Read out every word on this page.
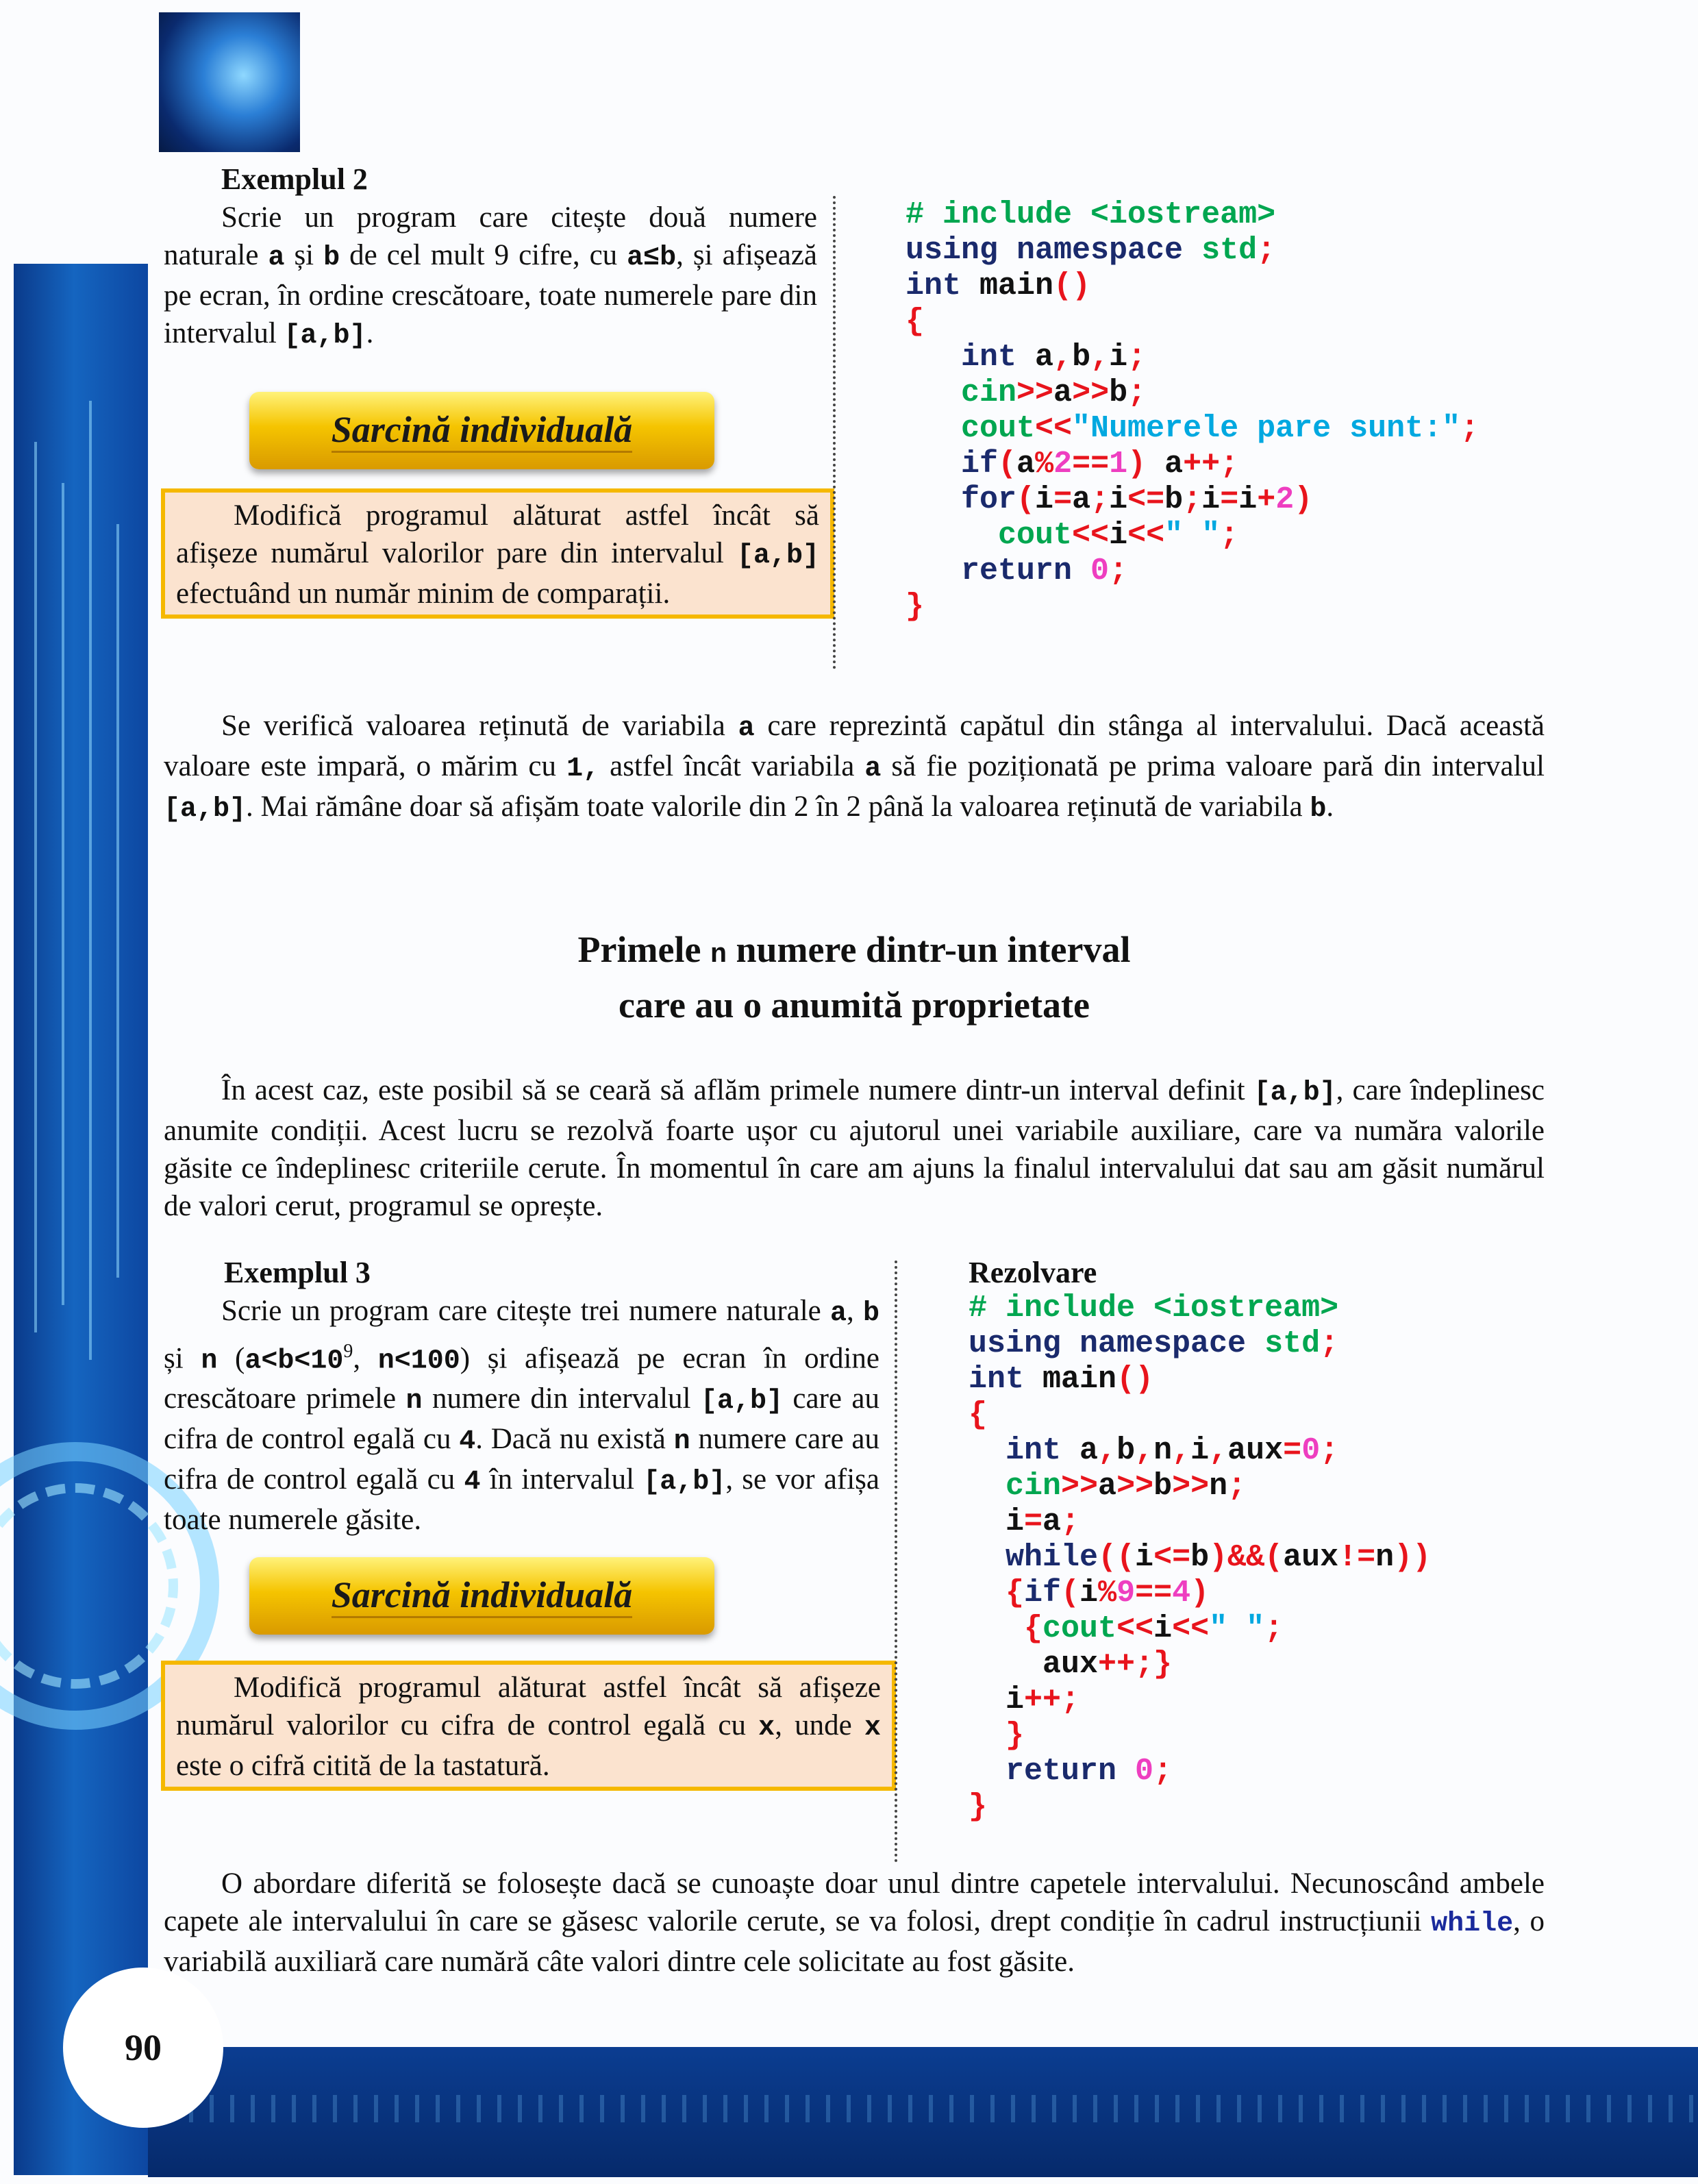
90
Exemplul 2
Scrie un program care citește două numere naturale a și b de cel mult 9 cifre, cu a≤b, și afișează pe ecran, în ordine crescătoare, toate numerele pare din intervalul [a,b].
Sarcină individuală
Modifică programul alăturat astfel încât să afișeze numărul valorilor pare din intervalul [a,b] efectuând un număr minim de comparații.
# include <iostream>
using namespace std;
int main()
{
int a,b,i;
cin>>a>>b;
cout<<"Numerele pare sunt:";
if(a%2==1) a++;
for(i=a;i<=b;i=i+2)
cout<<i<<" ";
return 0;
}
Se verifică valoarea reținută de variabila a care reprezintă capătul din stânga al intervalului. Dacă această valoare este impară, o mărim cu 1, astfel încât variabila a să fie poziționată pe prima valoare pară din intervalul [a,b]. Mai rămâne doar să afișăm toate valorile din 2 în 2 până la valoarea reținută de variabila b.
Primele n numere dintr-un interval
care au o anumită proprietate
În acest caz, este posibil să se ceară să aflăm primele numere dintr-un interval definit [a,b], care îndeplinesc anumite condiții. Acest lucru se rezolvă foarte ușor cu ajutorul unei variabile auxiliare, care va număra valorile găsite ce îndeplinesc criteriile cerute. În momentul în care am ajuns la finalul intervalului dat sau am găsit numărul de valori cerut, programul se oprește.
Exemplul 3
Scrie un program care citește trei numere naturale a, b și n ($a<b<10^9$, n<100) și afișează pe ecran în ordine crescătoare primele n numere din intervalul [a,b] care au cifra de control egală cu 4. Dacă nu există n numere care au cifra de control egală cu 4 în intervalul [a,b], se vor afișa toate numerele găsite.
Sarcină individuală
Modifică programul alăturat astfel încât să afișeze numărul valorilor cu cifra de control egală cu x, unde x este o cifră citită de la tastatură.
Rezolvare
# include <iostream>
using namespace std;
int main()
{
int a,b,n,i,aux=0;
cin>>a>>b>>n;
i=a;
while((i<=b)&&(aux!=n))
{if(i%9==4)
{cout<<i<<" ";
aux++;}
i++;
}
return 0;
}
O abordare diferită se folosește dacă se cunoaște doar unul dintre capetele intervalului. Necunoscând ambele capete ale intervalului în care se găsesc valorile cerute, se va folosi, drept condiție în cadrul instrucțiunii while, o variabilă auxiliară care numără câte valori dintre cele solicitate au fost găsite.
